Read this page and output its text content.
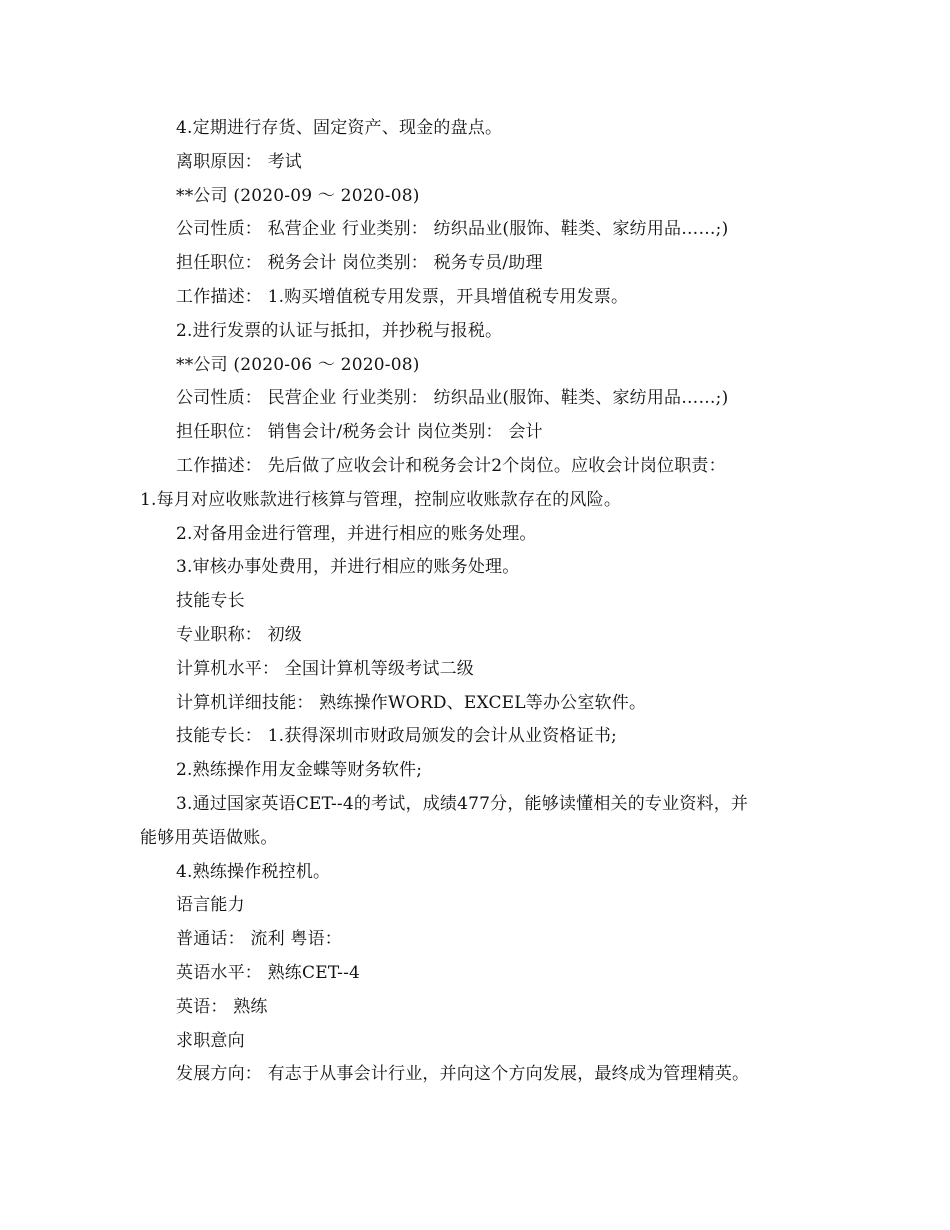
4.定期进行存货、固定资产、现金的盘点。
离职原因： 考试
**公司 (2020-09 ～ 2020-08)
公司性质： 私营企业 行业类别： 纺织品业(服饰、鞋类、家纺用品……;)
担任职位： 税务会计 岗位类别： 税务专员/助理
工作描述： 1.购买增值税专用发票，开具增值税专用发票。
2.进行发票的认证与抵扣，并抄税与报税。
**公司 (2020-06 ～ 2020-08)
公司性质： 民营企业 行业类别： 纺织品业(服饰、鞋类、家纺用品……;)
担任职位： 销售会计/税务会计 岗位类别： 会计
工作描述： 先后做了应收会计和税务会计2个岗位。应收会计岗位职责：
1.每月对应收账款进行核算与管理，控制应收账款存在的风险。
2.对备用金进行管理，并进行相应的账务处理。
3.审核办事处费用，并进行相应的账务处理。
技能专长
专业职称： 初级
计算机水平： 全国计算机等级考试二级
计算机详细技能： 熟练操作WORD、EXCEL等办公室软件。
技能专长： 1.获得深圳市财政局颁发的会计从业资格证书;
2.熟练操作用友金蝶等财务软件;
3.通过国家英语CET--4的考试，成绩477分，能够读懂相关的专业资料，并
能够用英语做账。
4.熟练操作税控机。
语言能力
普通话： 流利 粤语：
英语水平： 熟练CET--4
英语： 熟练
求职意向
发展方向： 有志于从事会计行业，并向这个方向发展，最终成为管理精英。
